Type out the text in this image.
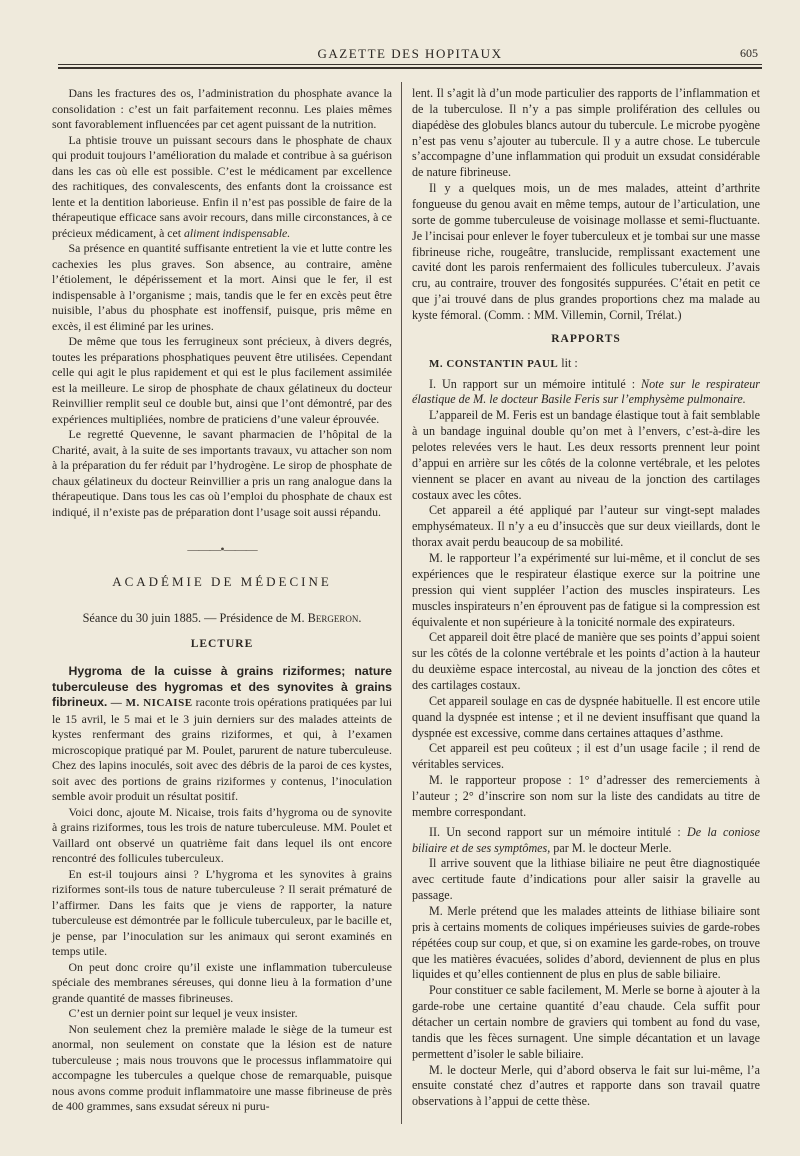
GAZETTE DES HOPITAUX	605

Dans les fractures des os, l’administration du phosphate avance la consolidation : c’est un fait parfaitement reconnu. Les plaies mêmes sont favorablement influencées par cet agent puissant de la nutrition.

La phtisie trouve un puissant secours dans le phosphate de chaux qui produit toujours l’amélioration du malade et contribue à sa guérison dans les cas où elle est possible. C’est le médicament par excellence des rachitiques, des convalescents, des enfants dont la croissance est lente et la dentition laborieuse. Enfin il n’est pas possible de faire de la thérapeutique efficace sans avoir recours, dans mille circonstances, à ce précieux médicament, à cet aliment indispensable.

Sa présence en quantité suffisante entretient la vie et lutte contre les cachexies les plus graves. Son absence, au contraire, amène l’étiolement, le dépérissement et la mort. Ainsi que le fer, il est indispensable à l’organisme ; mais, tandis que le fer en excès peut être nuisible, l’abus du phosphate est inoffensif, puisque, pris même en excès, il est éliminé par les urines.

De même que tous les ferrugineux sont précieux, à divers degrés, toutes les préparations phosphatiques peuvent être utilisées. Cependant celle qui agit le plus rapidement et qui est le plus facilement assimilée est la meilleure. Le sirop de phosphate de chaux gélatineux du docteur Reinvillier remplit seul ce double but, ainsi que l’ont démontré, par des expériences multipliées, nombre de praticiens d’une valeur éprouvée.

Le regretté Quevenne, le savant pharmacien de l’hôpital de la Charité, avait, à la suite de ses importants travaux, vu attacher son nom à la préparation du fer réduit par l’hydrogène. Le sirop de phosphate de chaux gélatineux du docteur Reinvillier a pris un rang analogue dans la thérapeutique. Dans tous les cas où l’emploi du phosphate de chaux est indiqué, il n’existe pas de préparation dont l’usage soit aussi répandu.

———•———
ACADÉMIE DE MÉDECINE
Séance du 30 juin 1885. — Présidence de M. Bergeron.
LECTURE

Hygroma de la cuisse à grains riziformes; nature tuberculeuse des hygromas et des synovites à grains fibrineux. — M. NICAISE raconte trois opérations pratiquées par lui le 15 avril, le 5 mai et le 3 juin derniers sur des malades atteints de kystes renfermant des grains riziformes, et qui, à l’examen microscopique pratiqué par M. Poulet, parurent de nature tuberculeuse. Chez des lapins inoculés, soit avec des débris de la paroi de ces kystes, soit avec des portions de grains riziformes y contenus, l’inoculation semble avoir produit un résultat positif.

Voici donc, ajoute M. Nicaise, trois faits d’hygroma ou de synovite à grains riziformes, tous les trois de nature tuberculeuse. MM. Poulet et Vaillard ont observé un quatrième fait dans lequel ils ont encore rencontré des follicules tuberculeux.

En est-il toujours ainsi ? L’hygroma et les synovites à grains riziformes sont-ils tous de nature tuberculeuse ? Il serait prématuré de l’affirmer. Dans les faits que je viens de rapporter, la nature tuberculeuse est démontrée par le follicule tuberculeux, par le bacille et, je pense, par l’inoculation sur les animaux qui seront examinés en temps utile.

On peut donc croire qu’il existe une inflammation tuberculeuse spéciale des membranes séreuses, qui donne lieu à la formation d’une grande quantité de masses fibrineuses.

C’est un dernier point sur lequel je veux insister.

Non seulement chez la première malade le siège de la tumeur est anormal, non seulement on constate que la lésion est de nature tuberculeuse ; mais nous trouvons que le processus inflammatoire qui accompagne les tubercules a quelque chose de remarquable, puisque nous avons comme produit inflammatoire une masse fibrineuse de près de 400 grammes, sans exsudat séreux ni puru-

lent. Il s’agit là d’un mode particulier des rapports de l’inflammation et de la tuberculose. Il n’y a pas simple prolifération des cellules ou diapédèse des globules blancs autour du tubercule. Le microbe pyogène n’est pas venu s’ajouter au tubercule. Il y a autre chose. Le tubercule s’accompagne d’une inflammation qui produit un exsudat considérable de nature fibrineuse.

Il y a quelques mois, un de mes malades, atteint d’arthrite fongueuse du genou avait en même temps, autour de l’articulation, une sorte de gomme tuberculeuse de voisinage mollasse et semi-fluctuante. Je l’incisai pour enlever le foyer tuberculeux et je tombai sur une masse fibrineuse riche, rougeâtre, translucide, remplissant exactement une cavité dont les parois renfermaient des follicules tuberculeux. J’avais cru, au contraire, trouver des fongosités suppurées. C’était en petit ce que j’ai trouvé dans de plus grandes proportions chez ma malade au kyste fémoral. (Comm. : MM. Villemin, Cornil, Trélat.)

RAPPORTS

M. CONSTANTIN PAUL lit :

I. Un rapport sur un mémoire intitulé : Note sur le respirateur élastique de M. le docteur Basile Feris sur l’emphysème pulmonaire.

L’appareil de M. Feris est un bandage élastique tout à fait semblable à un bandage inguinal double qu’on met à l’envers, c’est-à-dire les pelotes relevées vers le haut. Les deux ressorts prennent leur point d’appui en arrière sur les côtés de la colonne vertébrale, et les pelotes viennent se placer en avant au niveau de la jonction des cartilages costaux avec les côtes.

Cet appareil a été appliqué par l’auteur sur vingt-sept malades emphysémateux. Il n’y a eu d’insuccès que sur deux vieillards, dont le thorax avait perdu beaucoup de sa mobilité.

M. le rapporteur l’a expérimenté sur lui-même, et il conclut de ses expériences que le respirateur élastique exerce sur la poitrine une pression qui vient suppléer l’action des muscles inspirateurs. Les muscles inspirateurs n’en éprouvent pas de fatigue si la compression est équivalente et non supérieure à la tonicité normale des expirateurs.

Cet appareil doit être placé de manière que ses points d’appui soient sur les côtés de la colonne vertébrale et les points d’action à la hauteur du deuxième espace intercostal, au niveau de la jonction des côtes et des cartilages costaux.

Cet appareil soulage en cas de dyspnée habituelle. Il est encore utile quand la dyspnée est intense ; et il ne devient insuffisant que quand la dyspnée est excessive, comme dans certaines attaques d’asthme.

Cet appareil est peu coûteux ; il est d’un usage facile ; il rend de véritables services.

M. le rapporteur propose : 1° d’adresser des remerciements à l’auteur ; 2° d’inscrire son nom sur la liste des candidats au titre de membre correspondant.

II. Un second rapport sur un mémoire intitulé : De la coniose biliaire et de ses symptômes, par M. le docteur Merle.

Il arrive souvent que la lithiase biliaire ne peut être diagnostiquée avec certitude faute d’indications pour aller saisir la gravelle au passage.

M. Merle prétend que les malades atteints de lithiase biliaire sont pris à certains moments de coliques impérieuses suivies de garde-robes répétées coup sur coup, et que, si on examine les garde-robes, on trouve que les matières évacuées, solides d’abord, deviennent de plus en plus liquides et qu’elles contiennent de plus en plus de sable biliaire.

Pour constituer ce sable facilement, M. Merle se borne à ajouter à la garde-robe une certaine quantité d’eau chaude. Cela suffit pour détacher un certain nombre de graviers qui tombent au fond du vase, tandis que les fèces surnagent. Une simple décantation et un lavage permettent d’isoler le sable biliaire.

M. le docteur Merle, qui d’abord observa le fait sur lui-même, l’a ensuite constaté chez d’autres et rapporte dans son travail quatre observations à l’appui de cette thèse.
